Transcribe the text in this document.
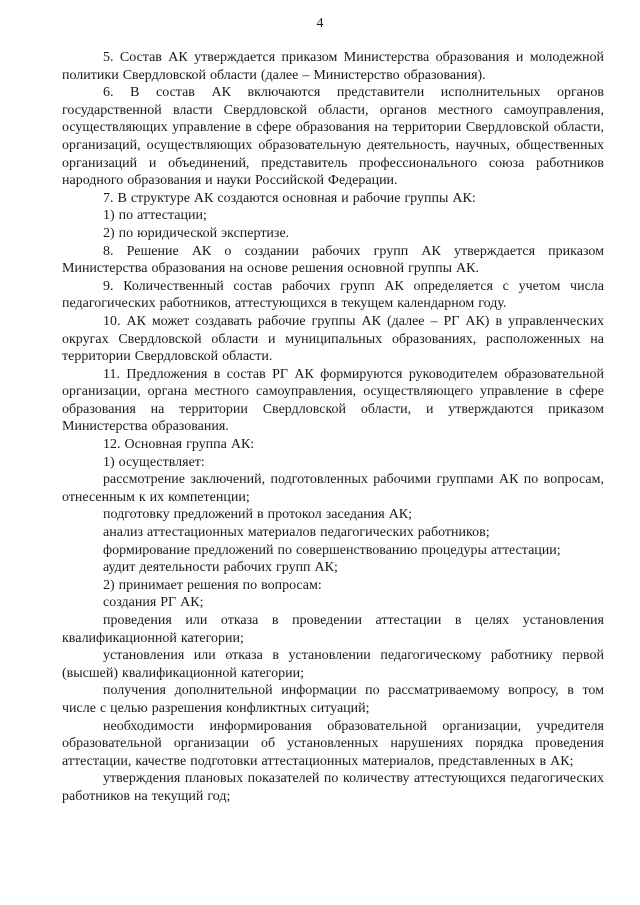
4

5. Состав АК утверждается приказом Министерства образования и молодежной политики Свердловской области (далее – Министерство образования).

6. В состав АК включаются представители исполнительных органов государственной власти Свердловской области, органов местного самоуправления, осуществляющих управление в сфере образования на территории Свердловской области, организаций, осуществляющих образовательную деятельность, научных, общественных организаций и объединений, представитель профессионального союза работников народного образования и науки Российской Федерации.

7. В структуре АК создаются основная и рабочие группы АК:

1) по аттестации;

2) по юридической экспертизе.

8. Решение АК о создании рабочих групп АК утверждается приказом Министерства образования на основе решения основной группы АК.

9. Количественный состав рабочих групп АК определяется с учетом числа педагогических работников, аттестующихся в текущем календарном году.

10. АК может создавать рабочие группы АК (далее – РГ АК) в управленческих округах Свердловской области и муниципальных образованиях, расположенных на территории Свердловской области.

11. Предложения в состав РГ АК формируются руководителем образовательной организации, органа местного самоуправления, осуществляющего управление в сфере образования на территории Свердловской области, и утверждаются приказом Министерства образования.

12. Основная группа АК:

1) осуществляет:

рассмотрение заключений, подготовленных рабочими группами АК по вопросам, отнесенным к их компетенции;

подготовку предложений в протокол заседания АК;

анализ аттестационных материалов педагогических работников;

формирование предложений по совершенствованию процедуры аттестации;

аудит деятельности рабочих групп АК;

2) принимает решения по вопросам:

создания РГ АК;

проведения или отказа в проведении аттестации в целях установления квалификационной категории;

установления или отказа в установлении педагогическому работнику первой (высшей) квалификационной категории;

получения дополнительной информации по рассматриваемому вопросу, в том числе с целью разрешения конфликтных ситуаций;

необходимости информирования образовательной организации, учредителя образовательной организации об установленных нарушениях порядка проведения аттестации, качестве подготовки аттестационных материалов, представленных в АК;

утверждения плановых показателей по количеству аттестующихся педагогических работников на текущий год;
